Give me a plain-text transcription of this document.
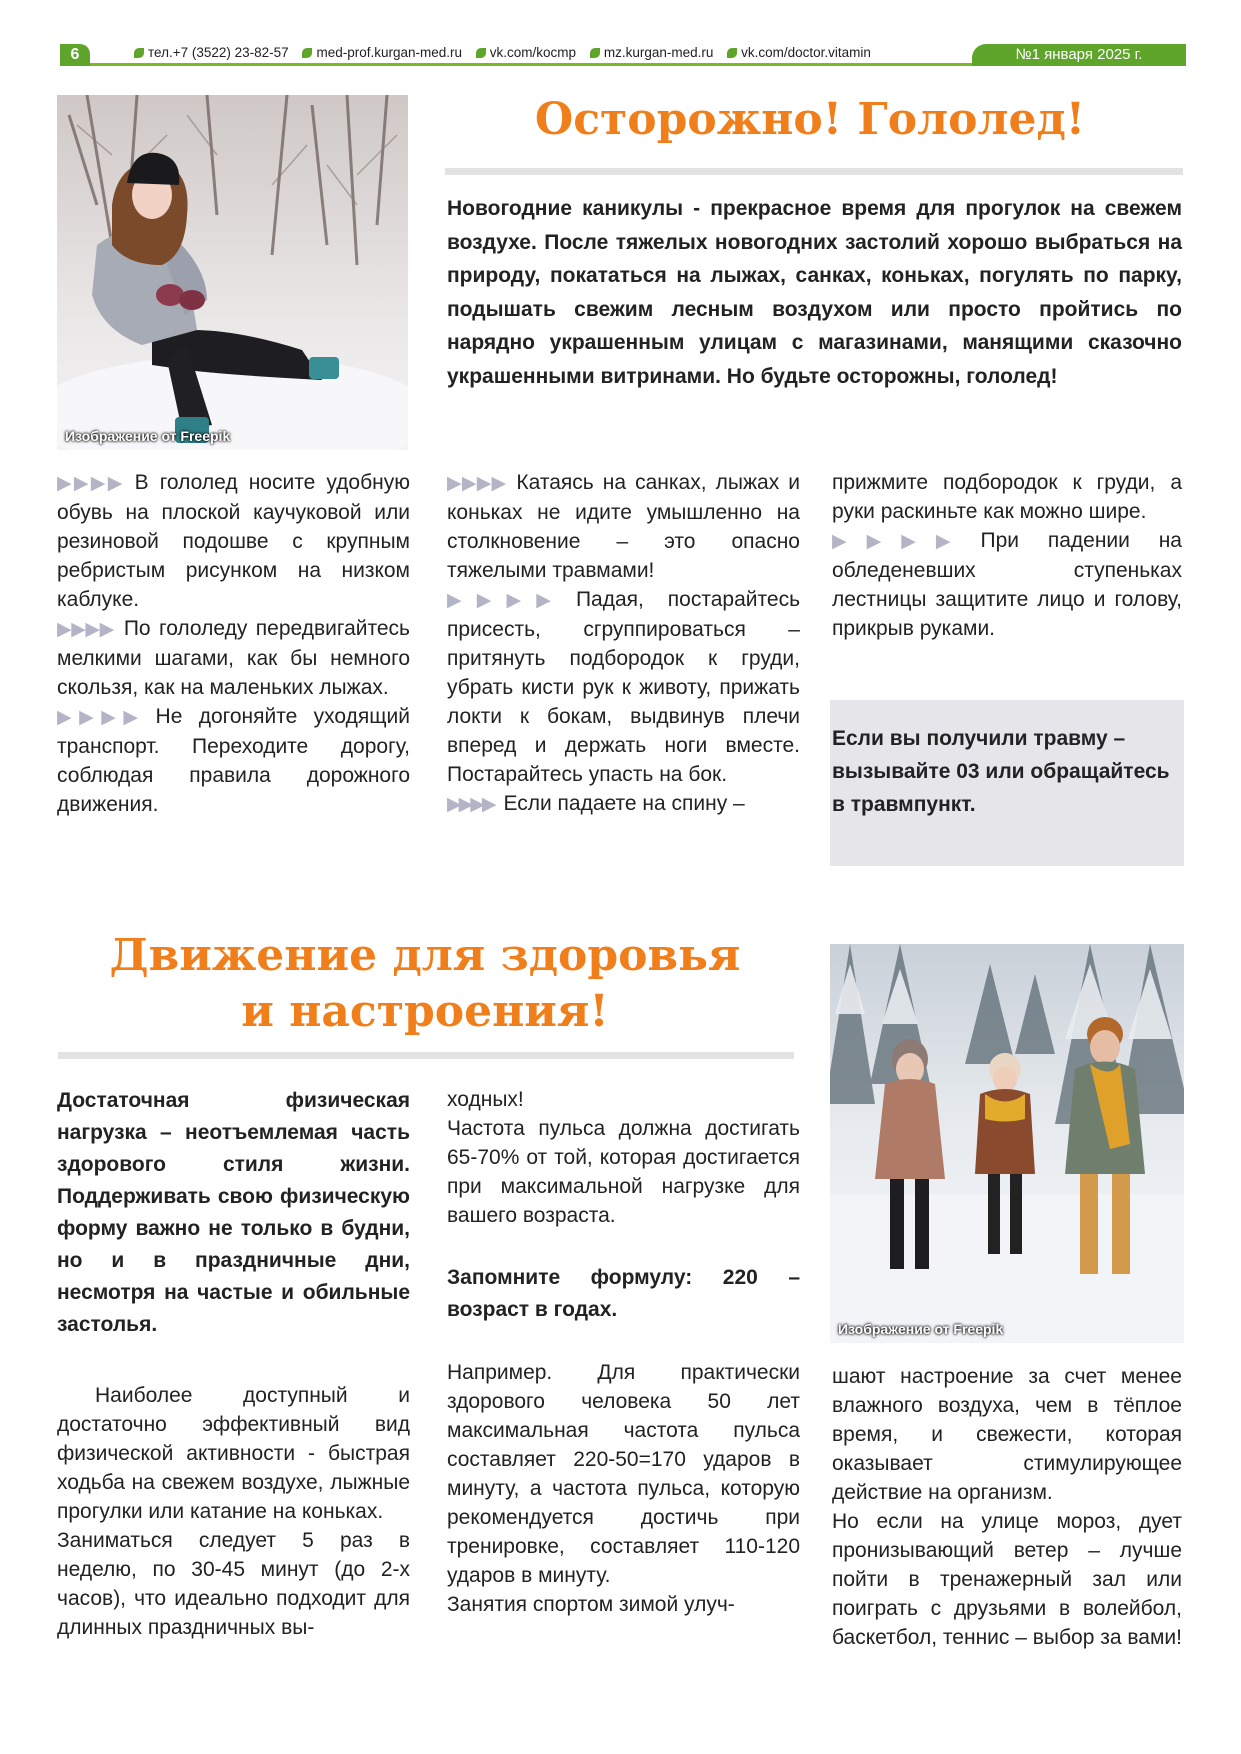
6	тел.+7 (3522) 23-82-57 med-prof.kurgan-med.ru vk.com/kocmp mz.kurgan-med.ru vk.com/doctor.vitamin	№1 января 2025 г.
Изображение от Freepik
Осторожно! Гололед!
Новогодние каникулы - прекрасное время для прогулок на свежем воздухе. После тяжелых новогодних застолий хорошо выбраться на природу, покататься на лыжах, санках, коньках, погулять по парку, подышать свежим лесным воздухом или просто пройтись по нарядно украшенным улицам с магазинами, манящими сказочно украшенными витринами. Но будьте осторожны, гололед!

▶▶▶▶ В гололед носите удобную обувь на плоской каучуковой или резиновой подошве с крупным ребристым рисунком на низком каблуке.

▶▶▶▶ По гололеду передвигайтесь мелкими шагами, как бы немного скользя, как на маленьких лыжах.

▶▶▶▶ Не догоняйте уходящий транспорт. Переходите дорогу, соблюдая правила дорожного движения.

▶▶▶▶ Катаясь на санках, лыжах и коньках не идите умышленно на столкновение – это опасно тяжелыми травмами!

▶▶▶▶ Падая, постарайтесь присесть, сгруппироваться – притянуть подбородок к груди, убрать кисти рук к животу, прижать локти к бокам, выдвинув плечи вперед и держать ноги вместе. Постарайтесь упасть на бок.

▶▶▶▶ Если падаете на спину –

прижмите подбородок к груди, а руки раскиньте как можно шире.

▶▶▶▶ При падении на обледеневших ступеньках лестницы защитите лицо и голову, прикрыв руками.

Если вы получили травму – вызывайте 03 или обращайтесь в травмпункт.
Движение для здоровья
и настроения!
Изображение от Freepik

Достаточная физическая нагрузка – неотъемлемая часть здорового стиля жизни. Поддерживать свою физическую форму важно не только в будни, но и в праздничные дни, несмотря на частые и обильные застолья.

Наиболее доступный и достаточно эффективный вид физической активности - быстрая ходьба на свежем воздухе, лыжные прогулки или катание на коньках.

Заниматься следует 5 раз в неделю, по 30-45 минут (до 2-х часов), что идеально подходит для длинных праздничных вы-

ходных!

Частота пульса должна достигать 65-70% от той, которая достигается при максимальной нагрузке для вашего возраста.

Запомните формулу: 220 – возраст в годах.

Например. Для практически здорового человека 50 лет максимальная частота пульса составляет 220-50=170 ударов в минуту, а частота пульса, которую рекомендуется достичь при тренировке, составляет 110-120 ударов в минуту.

Занятия спортом зимой улуч-

шают настроение за счет менее влажного воздуха, чем в тёплое время, и свежести, которая оказывает стимулирующее действие на организм.

Но если на улице мороз, дует пронизывающий ветер – лучше пойти в тренажерный зал или поиграть с друзьями в волейбол, баскетбол, теннис – выбор за вами!
